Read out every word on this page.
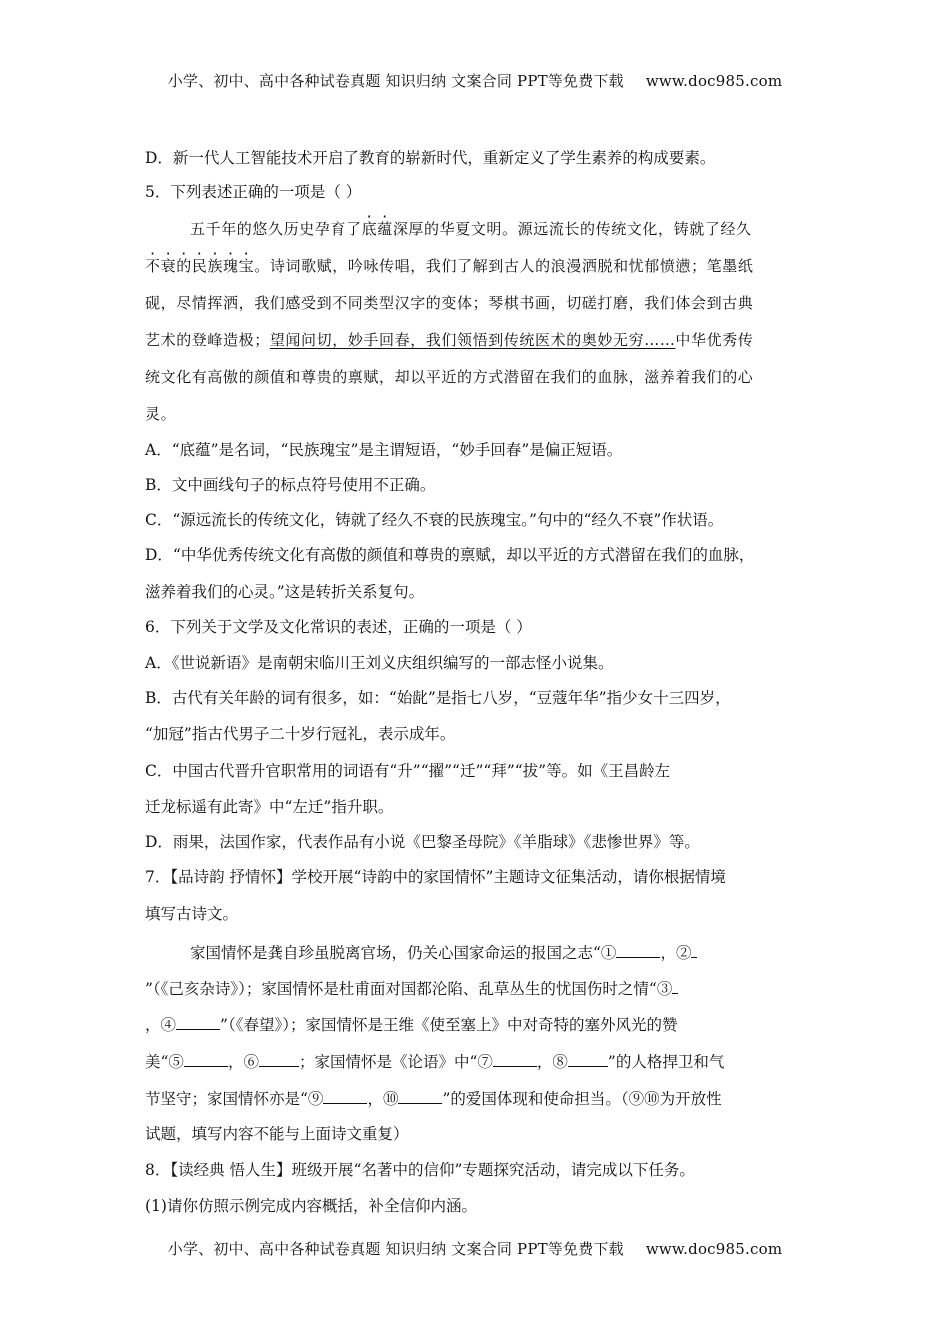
小学、初中、高中各种试卷真题 知识归纳 文案合同 PPT等免费下载 www.doc985.com
D．新一代人工智能技术开启了教育的崭新时代，重新定义了学生素养的构成要素。
5．下列表述正确的一项是（ ）
五千年的悠久历史孕育了底蕴深厚的华夏文明。源远流长的传统文化，铸就了经久
不衰的民族瑰宝。诗词歌赋，吟咏传唱，我们了解到古人的浪漫洒脱和忧郁愤懑；笔墨纸
砚，尽情挥洒，我们感受到不同类型汉字的变体；琴棋书画，切磋打磨，我们体会到古典
艺术的登峰造极；望闻问切，妙手回春，我们领悟到传统医术的奥妙无穷……中华优秀传
统文化有高傲的颜值和尊贵的禀赋，却以平近的方式潜留在我们的血脉，滋养着我们的心
灵。
A．“底蕴”是名词，“民族瑰宝”是主谓短语，“妙手回春”是偏正短语。
B．文中画线句子的标点符号使用不正确。
C．“源远流长的传统文化，铸就了经久不衰的民族瑰宝。”句中的“经久不衰”作状语。
D．“中华优秀传统文化有高傲的颜值和尊贵的禀赋，却以平近的方式潜留在我们的血脉，
滋养着我们的心灵。”这是转折关系复句。
6．下列关于文学及文化常识的表述，正确的一项是（ ）
A．《世说新语》是南朝宋临川王刘义庆组织编写的一部志怪小说集。
B．古代有关年龄的词有很多，如：“始龀”是指七八岁，“豆蔻年华”指少女十三四岁，
“加冠”指古代男子二十岁行冠礼，表示成年。
C．中国古代晋升官职常用的词语有“升”“擢”“迁”“拜”“拔”等。如《王昌龄左
迁龙标遥有此寄》中“左迁”指升职。
D．雨果，法国作家，代表作品有小说《巴黎圣母院》《羊脂球》《悲惨世界》等。
7．【品诗韵 抒情怀】学校开展“诗韵中的家国情怀”主题诗文征集活动，请你根据情境
填写古诗文。
家国情怀是龚自珍虽脱离官场，仍关心国家命运的报国之志“①	，②
”（《己亥杂诗》）；家国情怀是杜甫面对国都沦陷、乱草丛生的忧国伤时之情“③
，④	”（《春望》）；家国情怀是王维《使至塞上》中对奇特的塞外风光的赞
美“⑤	，⑥	；家国情怀是《论语》中“⑦	，⑧	”的人格捍卫和气
节坚守；家国情怀亦是“⑨	，⑩	”的爱国体现和使命担当。（⑨⑩为开放性
试题，填写内容不能与上面诗文重复）
8．【读经典 悟人生】班级开展“名著中的信仰”专题探究活动，请完成以下任务。
(1)请你仿照示例完成内容概括，补全信仰内涵。
小学、初中、高中各种试卷真题 知识归纳 文案合同 PPT等免费下载 www.doc985.com
